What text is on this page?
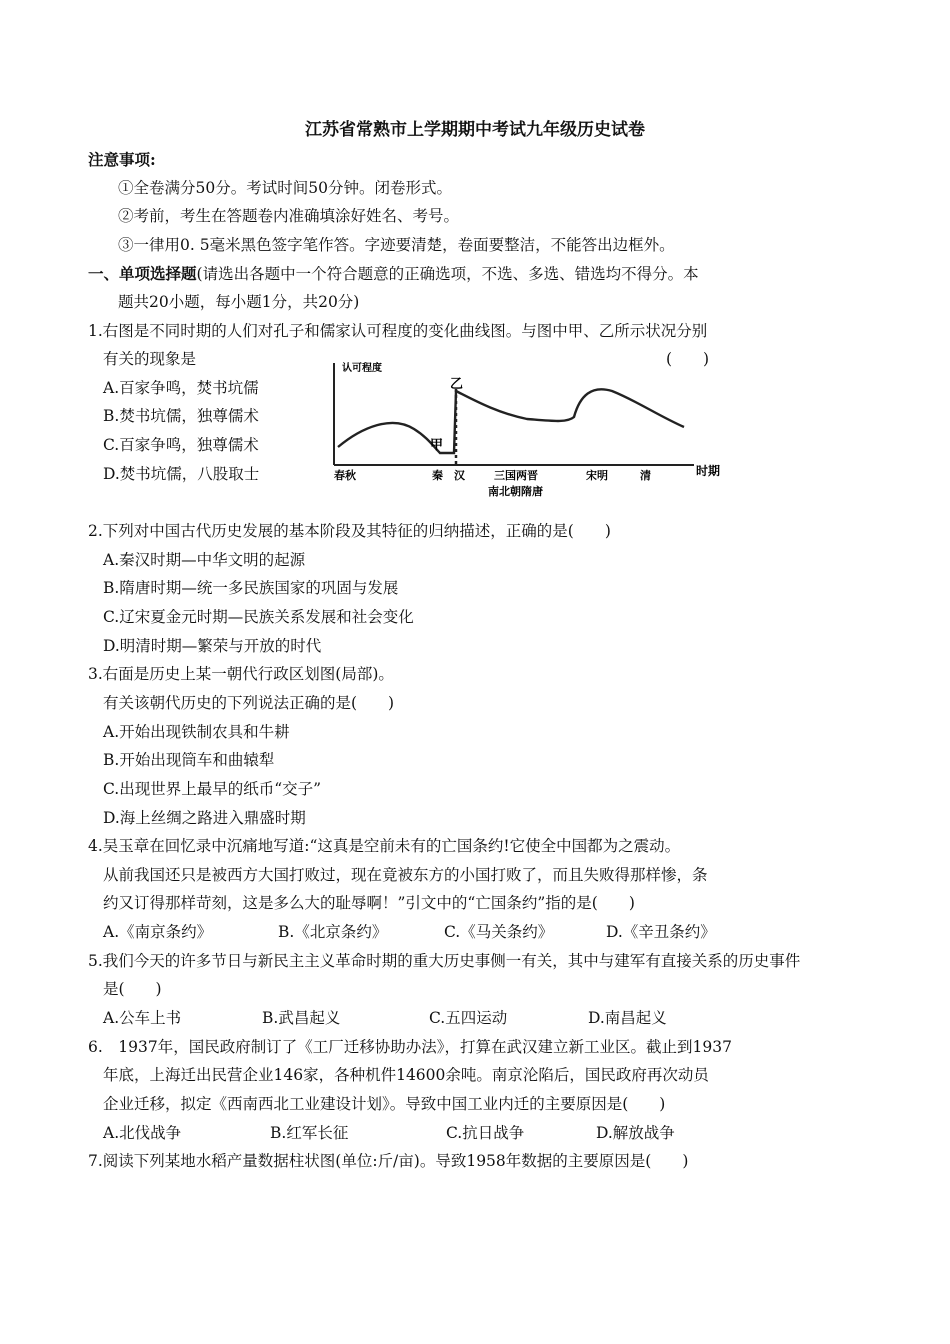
江苏省常熟市上学期期中考试九年级历史试卷
注意事项:
①全卷满分50分。考试时间50分钟。闭卷形式。
②考前，考生在答题卷内准确填涂好姓名、考号。
③一律用0. 5毫米黑色签字笔作答。字迹要清楚，卷面要整洁，不能答出边框外。
一、单项选择题(请选出各题中一个符合题意的正确选项，不选、多选、错选均不得分。本
题共20小题，每小题1分，共20分)
1.右图是不同时期的人们对孔子和儒家认可程度的变化曲线图。与图中甲、乙所示状况分别
有关的现象是	(　　)
A.百家争鸣，焚书坑儒
B.焚书坑儒，独尊儒术
C.百家争鸣，独尊儒术
D.焚书坑儒，八股取士
认可程度
时期
甲
乙
春秋	秦 汉	三国两晋
南北朝隋唐
宋明	清
2.下列对中国古代历史发展的基本阶段及其特征的归纳描述，正确的是(　　)
A.秦汉时期—中华文明的起源
B.隋唐时期—统一多民族国家的巩固与发展
C.辽宋夏金元时期—民族关系发展和社会变化
D.明清时期—繁荣与开放的时代
3.右面是历史上某一朝代行政区划图(局部)。
有关该朝代历史的下列说法正确的是(　　)
A.开始出现铁制农具和牛耕
B.开始出现筒车和曲辕犁
C.出现世界上最早的纸币“交子”
D.海上丝绸之路进入鼎盛时期
4.吴玉章在回忆录中沉痛地写道:“这真是空前未有的亡国条约!它使全中国都为之震动。
从前我国还只是被西方大国打败过，现在竟被东方的小国打败了，而且失败得那样惨，条
约又订得那样苛刻，这是多么大的耻辱啊！”引文中的“亡国条约”指的是(　　)
A.《南京条约》	B.《北京条约》	C.《马关条约》	D.《辛丑条约》
5.我们今天的许多节日与新民主主义革命时期的重大历史事侧一有关，其中与建军有直接关系的历史事件
是(　　)
A.公车上书	B.武昌起义	C.五四运动	D.南昌起义
6.　1937年，国民政府制订了《工厂迁移协助办法》，打算在武汉建立新工业区。截止到1937
年底，上海迁出民营企业146家，各种机件14600余吨。南京沦陷后，国民政府再次动员
企业迁移，拟定《西南西北工业建设计划》。导致中国工业内迁的主要原因是(　　)
A.北伐战争	B.红军长征	C.抗日战争	D.解放战争
7.阅读下列某地水稻产量数据柱状图(单位:斤/亩)。导致1958年数据的主要原因是(　　)
